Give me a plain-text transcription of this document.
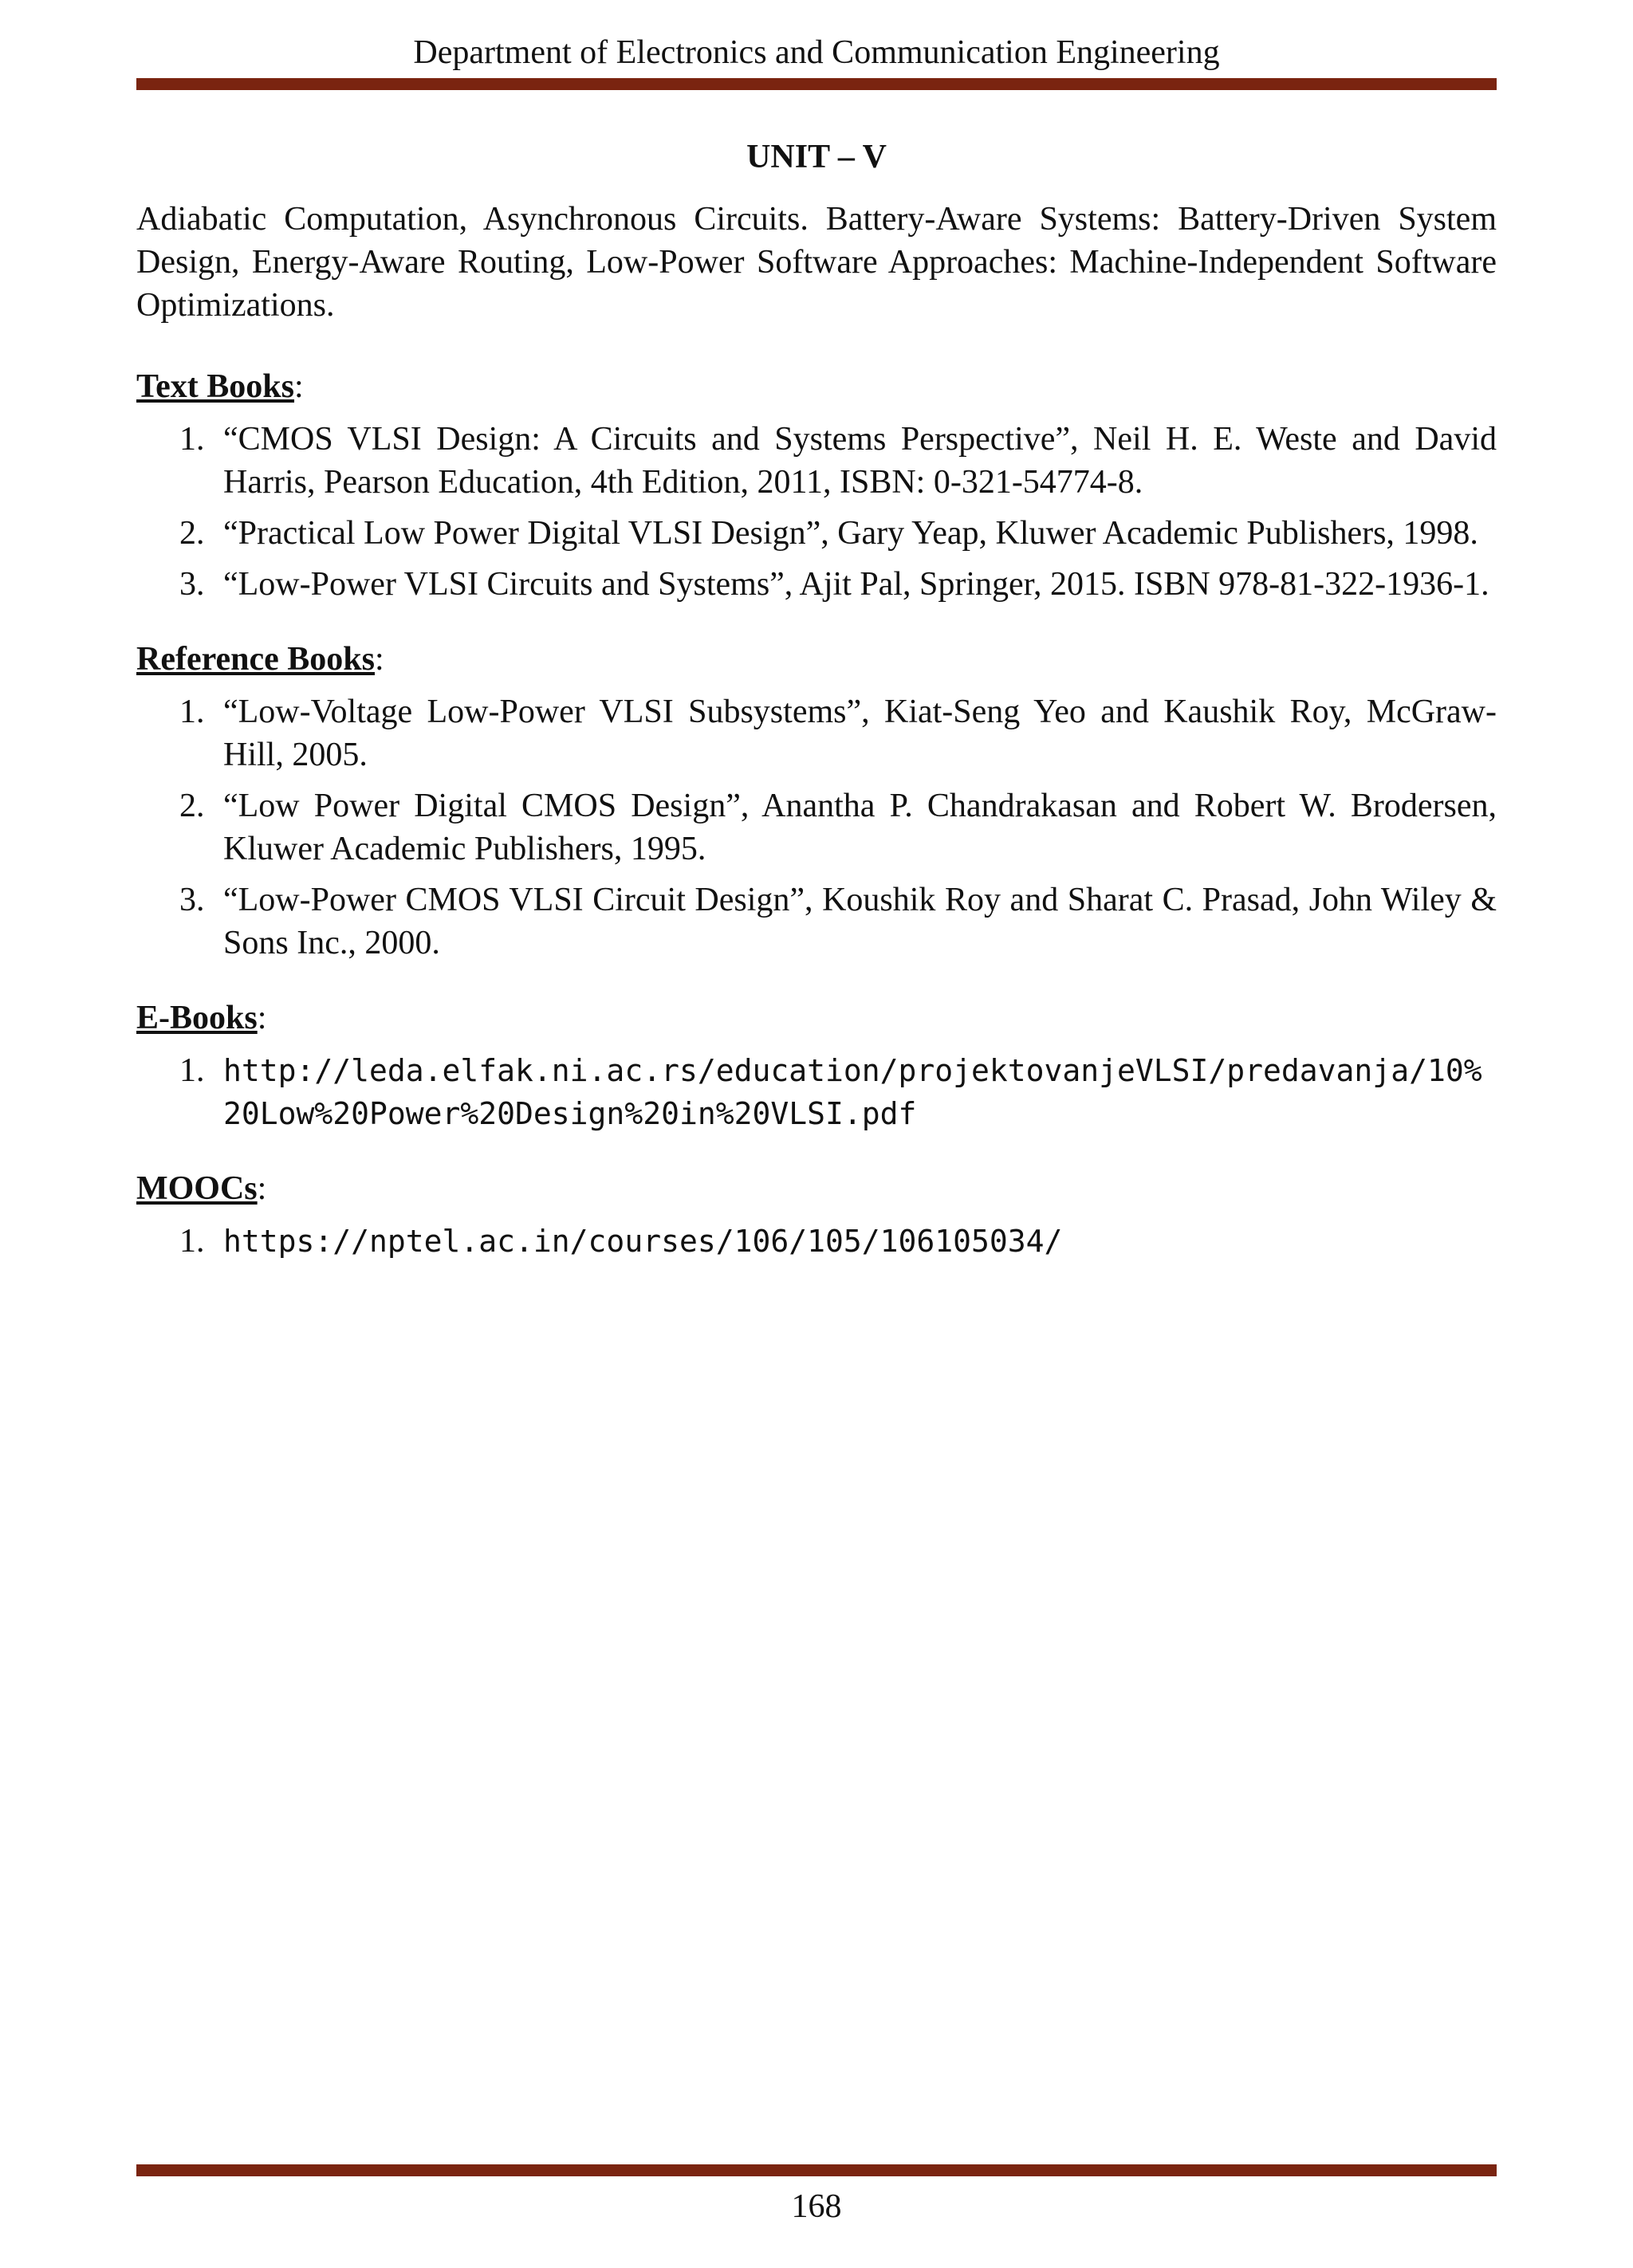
Department of Electronics and Communication Engineering
UNIT – V
Adiabatic Computation, Asynchronous Circuits. Battery-Aware Systems: Battery-Driven System Design, Energy-Aware Routing, Low-Power Software Approaches: Machine-Independent Software Optimizations.
Text Books:
1. “CMOS VLSI Design: A Circuits and Systems Perspective”, Neil H. E. Weste and David Harris, Pearson Education, 4th Edition, 2011, ISBN: 0-321-54774-8.
2. “Practical Low Power Digital VLSI Design”, Gary Yeap, Kluwer Academic Publishers, 1998.
3. “Low-Power VLSI Circuits and Systems”, Ajit Pal, Springer, 2015. ISBN 978-81-322-1936-1.
Reference Books:
1. “Low-Voltage Low-Power VLSI Subsystems”, Kiat-Seng Yeo and Kaushik Roy, McGraw-Hill, 2005.
2. “Low Power Digital CMOS Design”, Anantha P. Chandrakasan and Robert W. Brodersen, Kluwer Academic Publishers, 1995.
3. “Low-Power CMOS VLSI Circuit Design”, Koushik Roy and Sharat C. Prasad, John Wiley & Sons Inc., 2000.
E-Books:
1. http://leda.elfak.ni.ac.rs/education/projektovanjeVLSI/predavanja/10%20Low%20Power%20Design%20in%20VLSI.pdf
MOOCs:
1. https://nptel.ac.in/courses/106/105/106105034/
168
